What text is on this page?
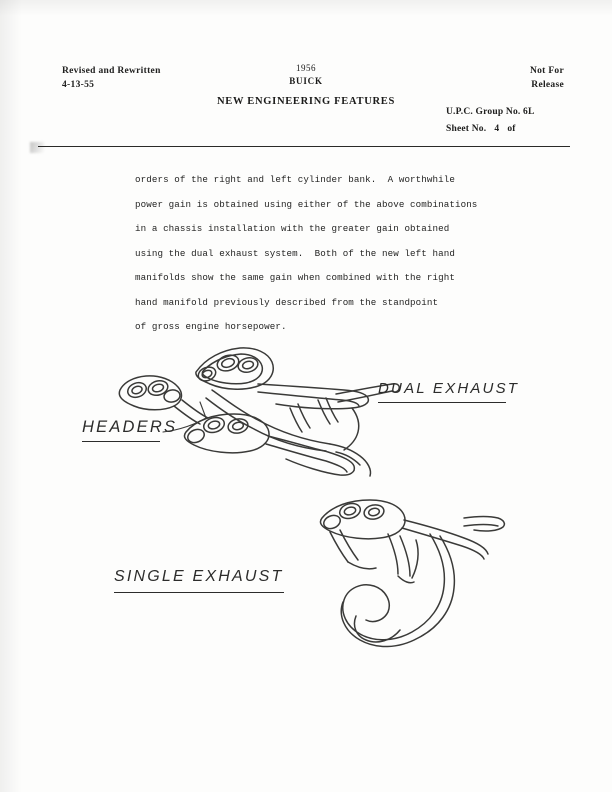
Revised and Rewritten
4-13-55
1956
BUICK
NEW ENGINEERING FEATURES
Not For
Release
U.P.C. Group No. 6L
Sheet No. 4 of
orders of the right and left cylinder bank.  A worthwhile
power gain is obtained using either of the above combinations
in a chassis installation with the greater gain obtained
using the dual exhaust system.  Both of the new left hand
manifolds show the same gain when combined with the right
hand manifold previously described from the standpoint
of gross engine horsepower.
DUAL EXHAUST
HEADERS
SINGLE EXHAUST
